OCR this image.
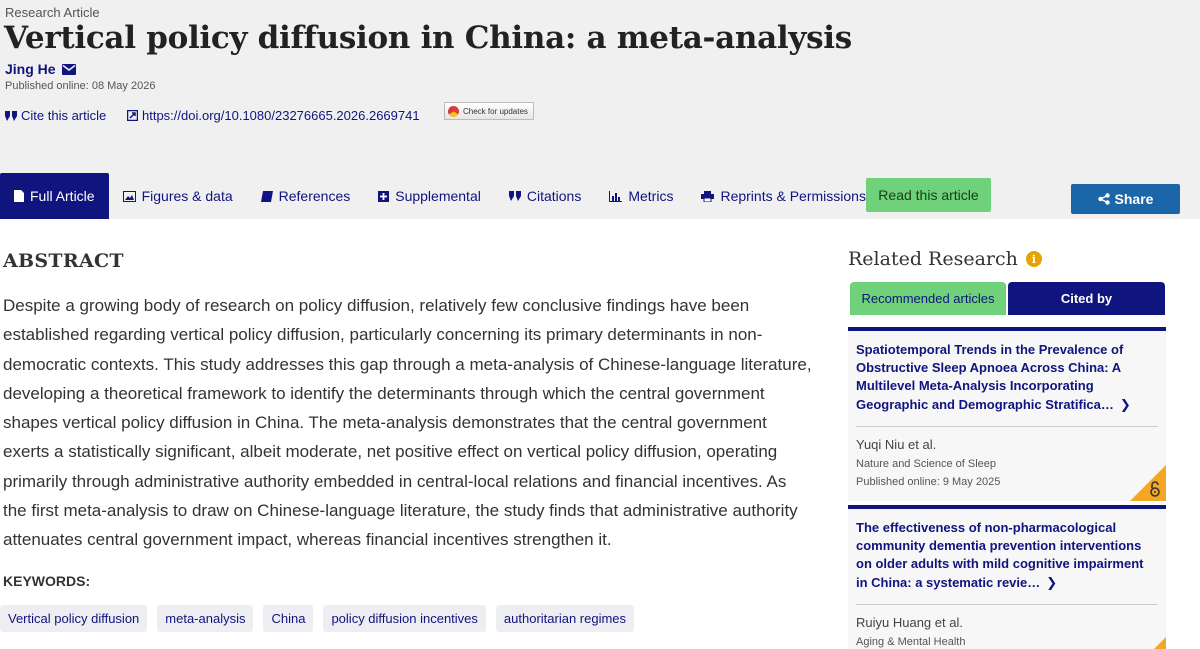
Research Article
Vertical policy diffusion in China: a meta-analysis
Jing He
Published online: 08 May 2026
Cite this article	https://doi.org/10.1080/23276665.2026.2669741	Check for updates
Full Article	Figures & data	References	Supplemental	Citations	Metrics	Reprints & Permissions Read this article	Share
ABSTRACT

Despite a growing body of research on policy diffusion, relatively few conclusive findings have been established regarding vertical policy diffusion, particularly concerning its primary determinants in non-democratic contexts. This study addresses this gap through a meta-analysis of Chinese-language literature, developing a theoretical framework to identify the determinants through which the central government shapes vertical policy diffusion in China. The meta-analysis demonstrates that the central government exerts a statistically significant, albeit moderate, net positive effect on vertical policy diffusion, operating primarily through administrative authority embedded in central-local relations and financial incentives. As the first meta-analysis to draw on Chinese-language literature, the study finds that administrative authority attenuates central government impact, whereas financial incentives strengthen it.

KEYWORDS:
Vertical policy diffusion	meta-analysis	China	policy diffusion incentives	authoritarian regimes
Related Research	i
Recommended articles	Cited by
Spatiotemporal Trends in the Prevalence of Obstructive Sleep Apnoea Across China: A Multilevel Meta-Analysis Incorporating Geographic and Demographic Stratifica… ❯
Yuqi Niu et al.
Nature and Science of Sleep
Published online: 9 May 2025
The effectiveness of non-pharmacological community dementia prevention interventions on older adults with mild cognitive impairment in China: a systematic revie… ❯
Ruiyu Huang et al.
Aging & Mental Health
